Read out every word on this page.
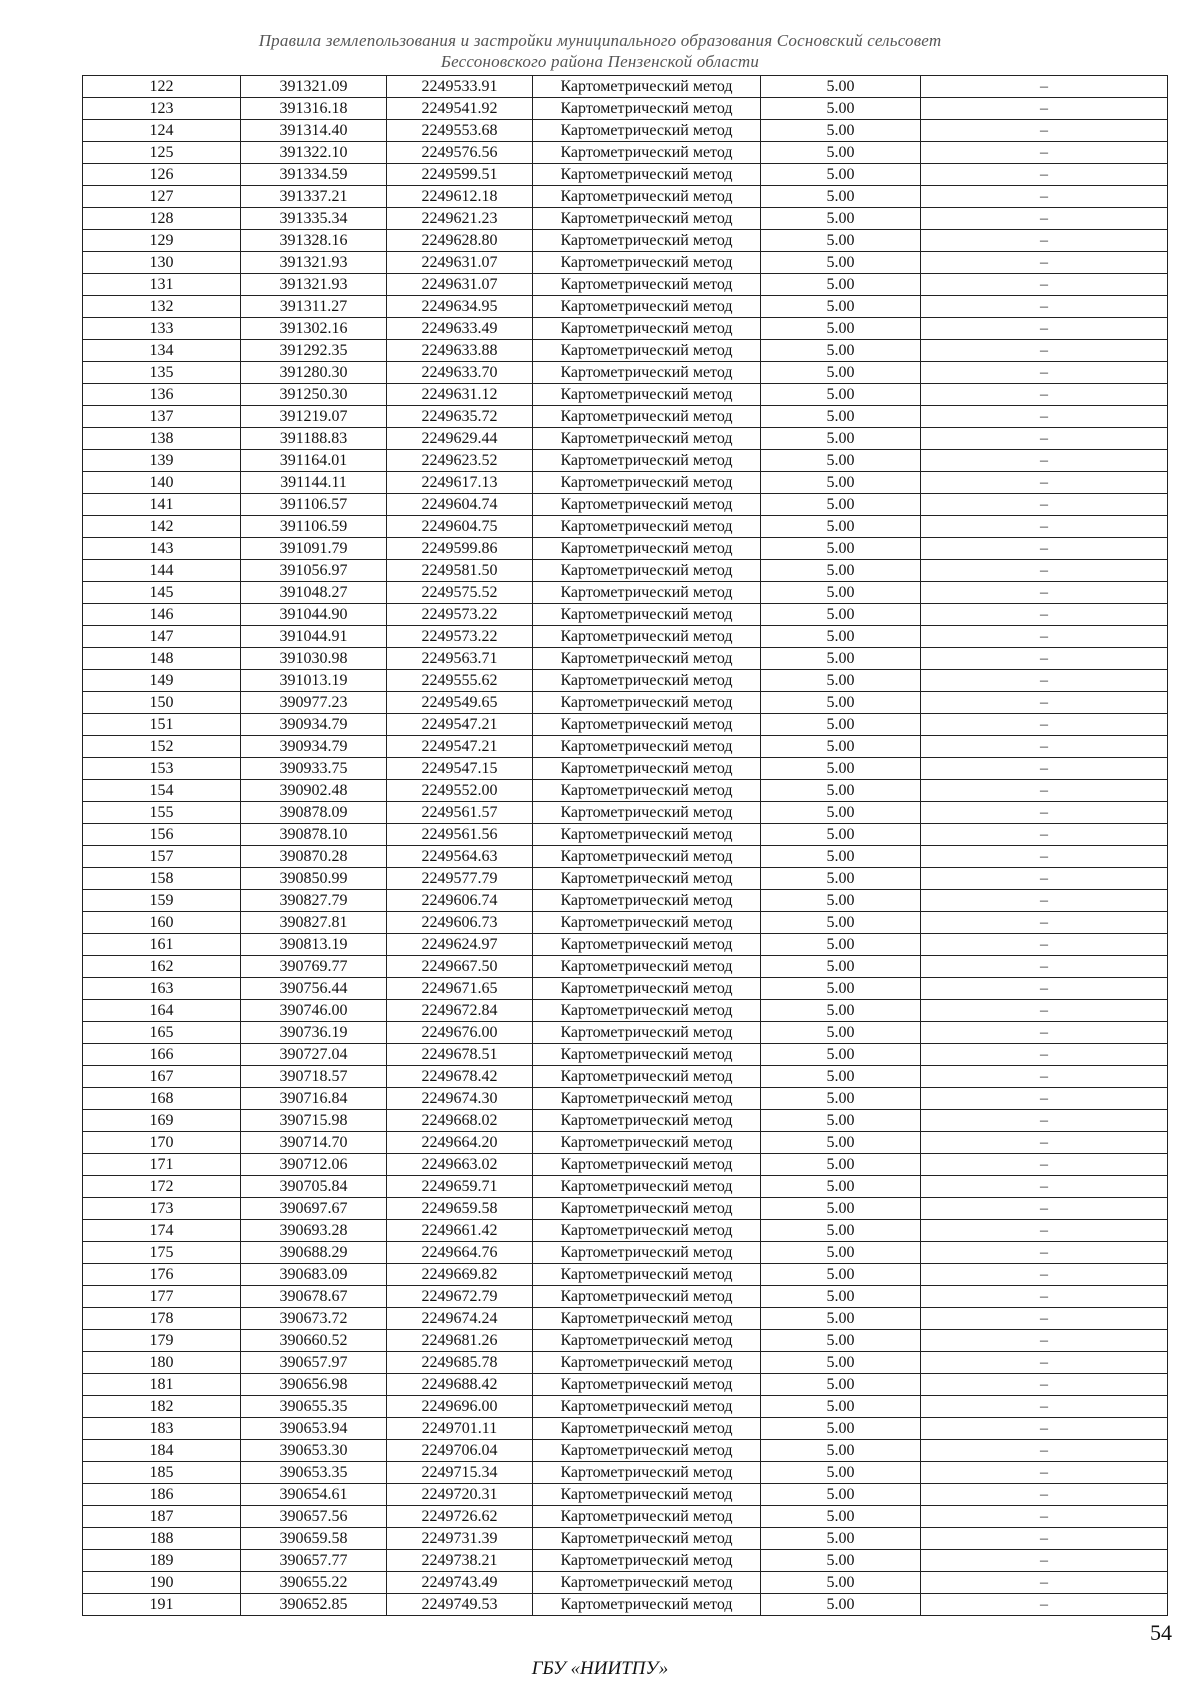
Правила землепользования и застройки муниципального образования Сосновский сельсовет
Бессоновского района Пензенской области
122	391321.09	2249533.91	Картометрический метод	5.00	–
123	391316.18	2249541.92	Картометрический метод	5.00	–
124	391314.40	2249553.68	Картометрический метод	5.00	–
125	391322.10	2249576.56	Картометрический метод	5.00	–
126	391334.59	2249599.51	Картометрический метод	5.00	–
127	391337.21	2249612.18	Картометрический метод	5.00	–
128	391335.34	2249621.23	Картометрический метод	5.00	–
129	391328.16	2249628.80	Картометрический метод	5.00	–
130	391321.93	2249631.07	Картометрический метод	5.00	–
131	391321.93	2249631.07	Картометрический метод	5.00	–
132	391311.27	2249634.95	Картометрический метод	5.00	–
133	391302.16	2249633.49	Картометрический метод	5.00	–
134	391292.35	2249633.88	Картометрический метод	5.00	–
135	391280.30	2249633.70	Картометрический метод	5.00	–
136	391250.30	2249631.12	Картометрический метод	5.00	–
137	391219.07	2249635.72	Картометрический метод	5.00	–
138	391188.83	2249629.44	Картометрический метод	5.00	–
139	391164.01	2249623.52	Картометрический метод	5.00	–
140	391144.11	2249617.13	Картометрический метод	5.00	–
141	391106.57	2249604.74	Картометрический метод	5.00	–
142	391106.59	2249604.75	Картометрический метод	5.00	–
143	391091.79	2249599.86	Картометрический метод	5.00	–
144	391056.97	2249581.50	Картометрический метод	5.00	–
145	391048.27	2249575.52	Картометрический метод	5.00	–
146	391044.90	2249573.22	Картометрический метод	5.00	–
147	391044.91	2249573.22	Картометрический метод	5.00	–
148	391030.98	2249563.71	Картометрический метод	5.00	–
149	391013.19	2249555.62	Картометрический метод	5.00	–
150	390977.23	2249549.65	Картометрический метод	5.00	–
151	390934.79	2249547.21	Картометрический метод	5.00	–
152	390934.79	2249547.21	Картометрический метод	5.00	–
153	390933.75	2249547.15	Картометрический метод	5.00	–
154	390902.48	2249552.00	Картометрический метод	5.00	–
155	390878.09	2249561.57	Картометрический метод	5.00	–
156	390878.10	2249561.56	Картометрический метод	5.00	–
157	390870.28	2249564.63	Картометрический метод	5.00	–
158	390850.99	2249577.79	Картометрический метод	5.00	–
159	390827.79	2249606.74	Картометрический метод	5.00	–
160	390827.81	2249606.73	Картометрический метод	5.00	–
161	390813.19	2249624.97	Картометрический метод	5.00	–
162	390769.77	2249667.50	Картометрический метод	5.00	–
163	390756.44	2249671.65	Картометрический метод	5.00	–
164	390746.00	2249672.84	Картометрический метод	5.00	–
165	390736.19	2249676.00	Картометрический метод	5.00	–
166	390727.04	2249678.51	Картометрический метод	5.00	–
167	390718.57	2249678.42	Картометрический метод	5.00	–
168	390716.84	2249674.30	Картометрический метод	5.00	–
169	390715.98	2249668.02	Картометрический метод	5.00	–
170	390714.70	2249664.20	Картометрический метод	5.00	–
171	390712.06	2249663.02	Картометрический метод	5.00	–
172	390705.84	2249659.71	Картометрический метод	5.00	–
173	390697.67	2249659.58	Картометрический метод	5.00	–
174	390693.28	2249661.42	Картометрический метод	5.00	–
175	390688.29	2249664.76	Картометрический метод	5.00	–
176	390683.09	2249669.82	Картометрический метод	5.00	–
177	390678.67	2249672.79	Картометрический метод	5.00	–
178	390673.72	2249674.24	Картометрический метод	5.00	–
179	390660.52	2249681.26	Картометрический метод	5.00	–
180	390657.97	2249685.78	Картометрический метод	5.00	–
181	390656.98	2249688.42	Картометрический метод	5.00	–
182	390655.35	2249696.00	Картометрический метод	5.00	–
183	390653.94	2249701.11	Картометрический метод	5.00	–
184	390653.30	2249706.04	Картометрический метод	5.00	–
185	390653.35	2249715.34	Картометрический метод	5.00	–
186	390654.61	2249720.31	Картометрический метод	5.00	–
187	390657.56	2249726.62	Картометрический метод	5.00	–
188	390659.58	2249731.39	Картометрический метод	5.00	–
189	390657.77	2249738.21	Картометрический метод	5.00	–
190	390655.22	2249743.49	Картометрический метод	5.00	–
191	390652.85	2249749.53	Картометрический метод	5.00	–
54
ГБУ «НИИТПУ»
